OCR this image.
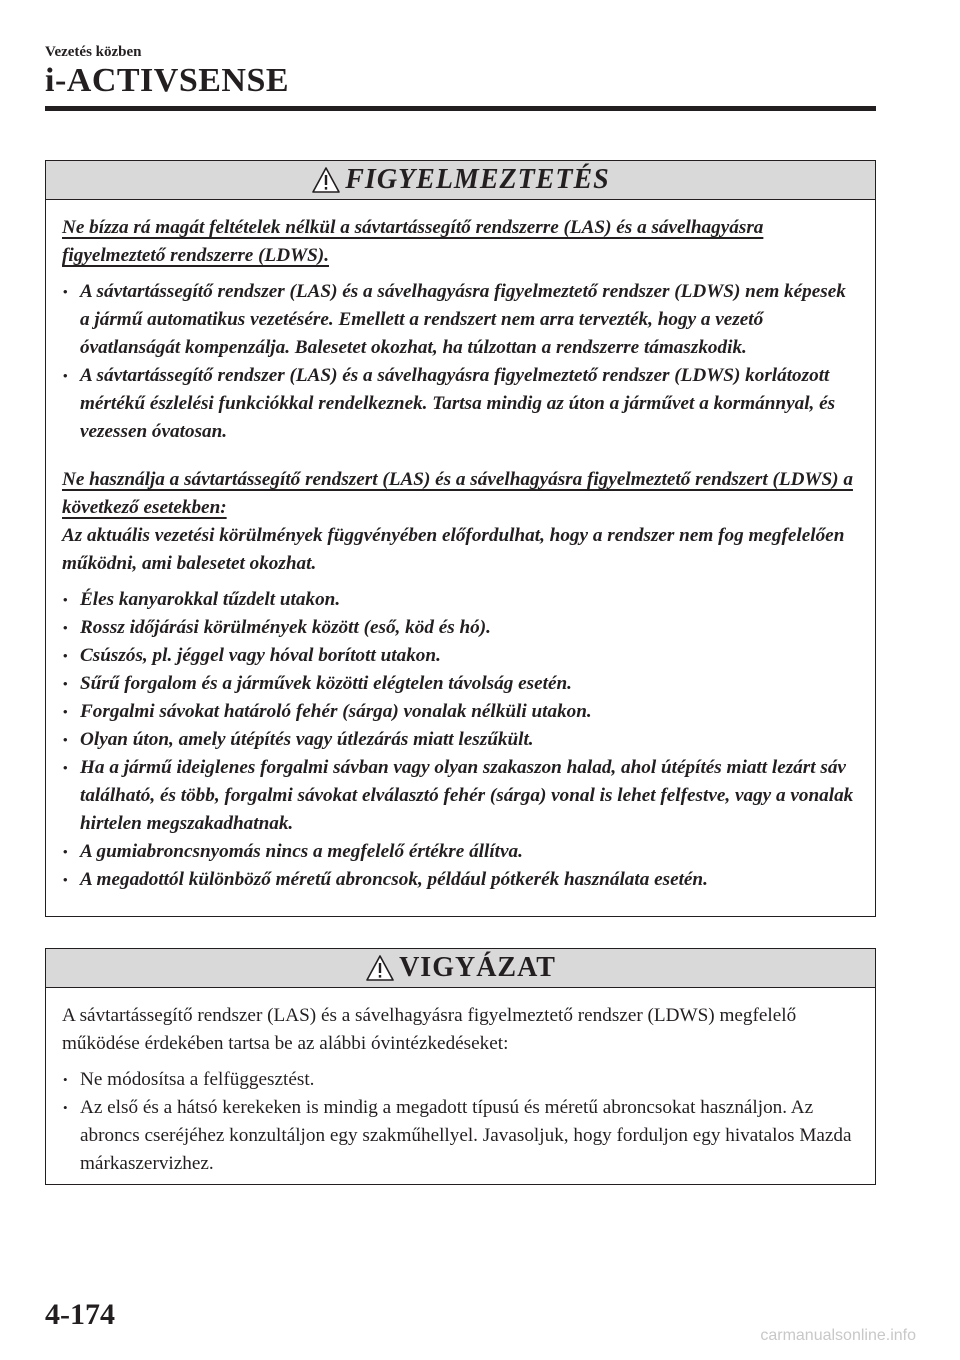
Vezetés közben
i-ACTIVSENSE
FIGYELMEZTETÉS
Ne bízza rá magát feltételek nélkül a sávtartássegítő rendszerre (LAS) és a sávelhagyásra figyelmeztető rendszerre (LDWS).
• A sávtartássegítő rendszer (LAS) és a sávelhagyásra figyelmeztető rendszer (LDWS) nem képesek a jármű automatikus vezetésére. Emellett a rendszert nem arra tervezték, hogy a vezető óvatlanságát kompenzálja. Balesetet okozhat, ha túlzottan a rendszerre támaszkodik.
• A sávtartássegítő rendszer (LAS) és a sávelhagyásra figyelmeztető rendszer (LDWS) korlátozott mértékű észlelési funkciókkal rendelkeznek. Tartsa mindig az úton a járművet a kormánnyal, és vezessen óvatosan.
Ne használja a sávtartássegítő rendszert (LAS) és a sávelhagyásra figyelmeztető rendszert (LDWS) a következő esetekben:
Az aktuális vezetési körülmények függvényében előfordulhat, hogy a rendszer nem fog megfelelően működni, ami balesetet okozhat.
• Éles kanyarokkal tűzdelt utakon.
• Rossz időjárási körülmények között (eső, köd és hó).
• Csúszós, pl. jéggel vagy hóval borított utakon.
• Sűrű forgalom és a járművek közötti elégtelen távolság esetén.
• Forgalmi sávokat határoló fehér (sárga) vonalak nélküli utakon.
• Olyan úton, amely útépítés vagy útlezárás miatt leszűkült.
• Ha a jármű ideiglenes forgalmi sávban vagy olyan szakaszon halad, ahol útépítés miatt lezárt sáv található, és több, forgalmi sávokat elválasztó fehér (sárga) vonal is lehet felfestve, vagy a vonalak hirtelen megszakadhatnak.
• A gumiabroncsnyomás nincs a megfelelő értékre állítva.
• A megadottól különböző méretű abroncsok, például pótkerék használata esetén.
VIGYÁZAT
A sávtartássegítő rendszer (LAS) és a sávelhagyásra figyelmeztető rendszer (LDWS) megfelelő működése érdekében tartsa be az alábbi óvintézkedéseket:
• Ne módosítsa a felfüggesztést.
• Az első és a hátsó kerekeken is mindig a megadott típusú és méretű abroncsokat használjon. Az abroncs cseréjéhez konzultáljon egy szakműhellyel. Javasoljuk, hogy forduljon egy hivatalos Mazda márkaszervizhez.
4-174
carmanualsonline.info
